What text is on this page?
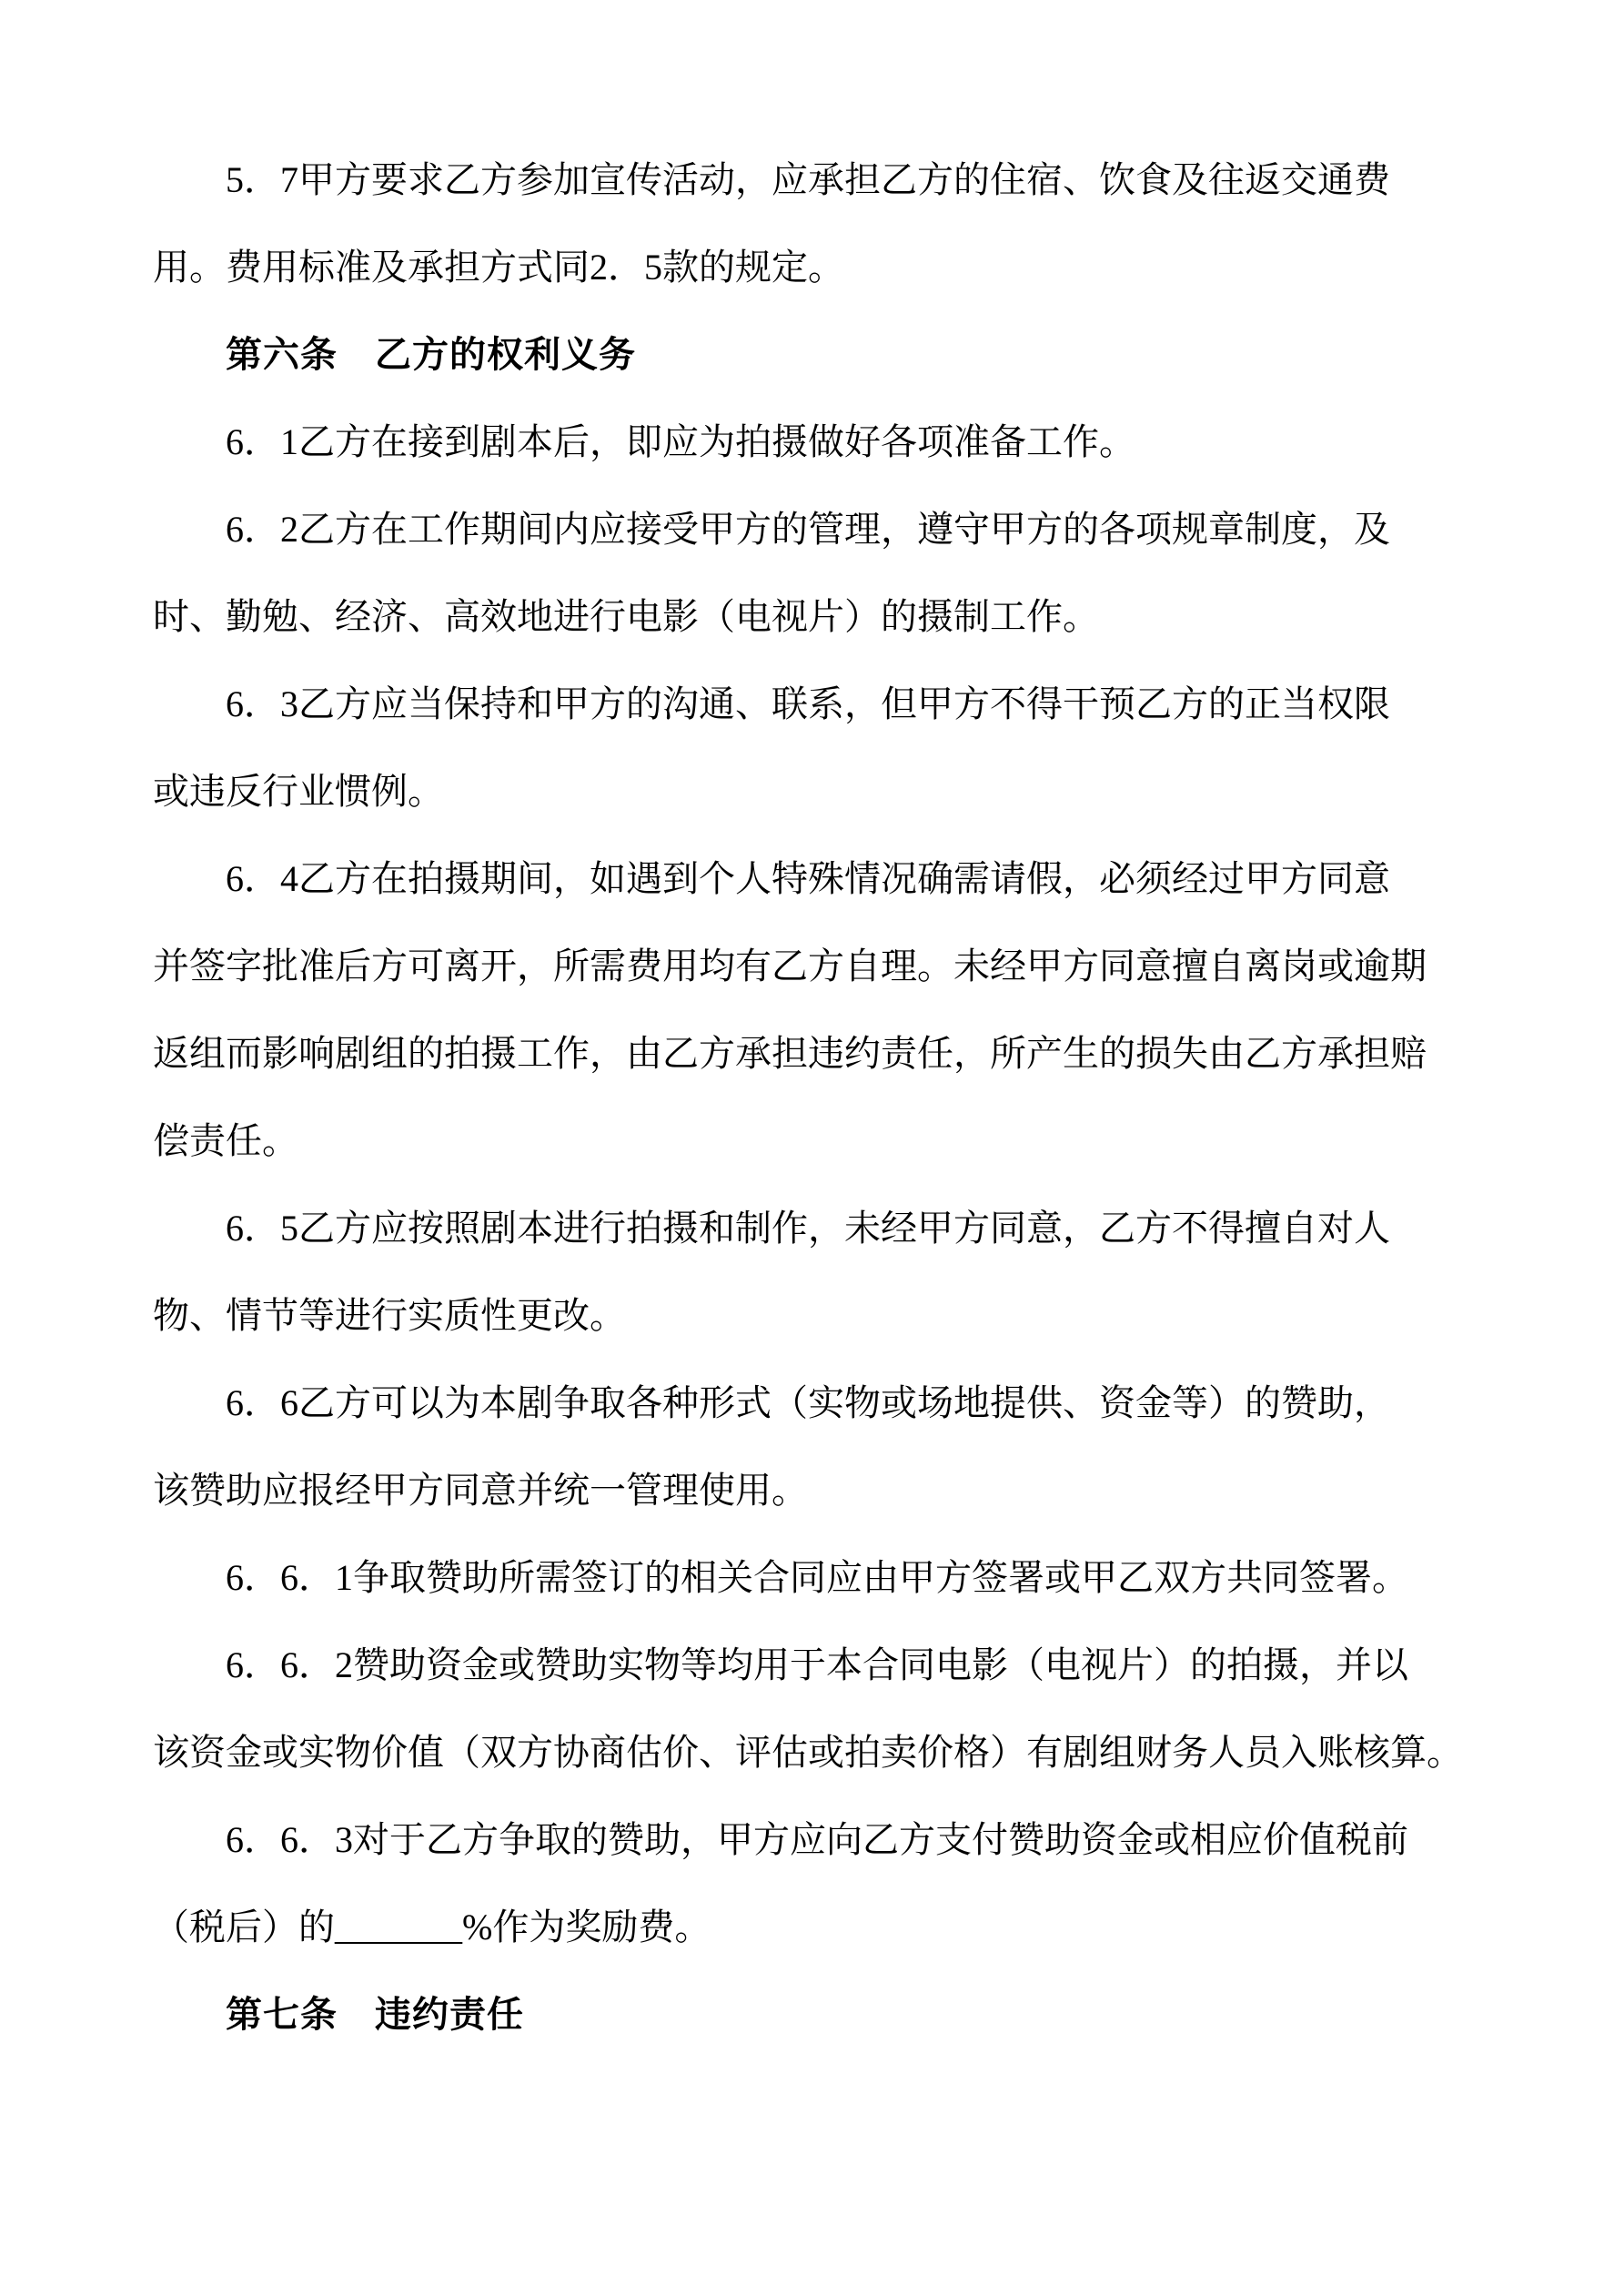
5．7甲方要求乙方参加宣传活动，应承担乙方的住宿、饮食及往返交通费
用。费用标准及承担方式同2．5款的规定。
第六条　乙方的权利义务
6．1乙方在接到剧本后，即应为拍摄做好各项准备工作。
6．2乙方在工作期间内应接受甲方的管理，遵守甲方的各项规章制度，及
时、勤勉、经济、高效地进行电影（电视片）的摄制工作。
6．3乙方应当保持和甲方的沟通、联系，但甲方不得干预乙方的正当权限
或违反行业惯例。
6．4乙方在拍摄期间，如遇到个人特殊情况确需请假，必须经过甲方同意
并签字批准后方可离开，所需费用均有乙方自理。未经甲方同意擅自离岗或逾期
返组而影响剧组的拍摄工作，由乙方承担违约责任，所产生的损失由乙方承担赔
偿责任。
6．5乙方应按照剧本进行拍摄和制作，未经甲方同意，乙方不得擅自对人
物、情节等进行实质性更改。
6．6乙方可以为本剧争取各种形式（实物或场地提供、资金等）的赞助，
该赞助应报经甲方同意并统一管理使用。
6．6．1争取赞助所需签订的相关合同应由甲方签署或甲乙双方共同签署。
6．6．2赞助资金或赞助实物等均用于本合同电影（电视片）的拍摄，并以
该资金或实物价值（双方协商估价、评估或拍卖价格）有剧组财务人员入账核算。
6．6．3对于乙方争取的赞助，甲方应向乙方支付赞助资金或相应价值税前
（税后）的_______%作为奖励费。
第七条　违约责任
